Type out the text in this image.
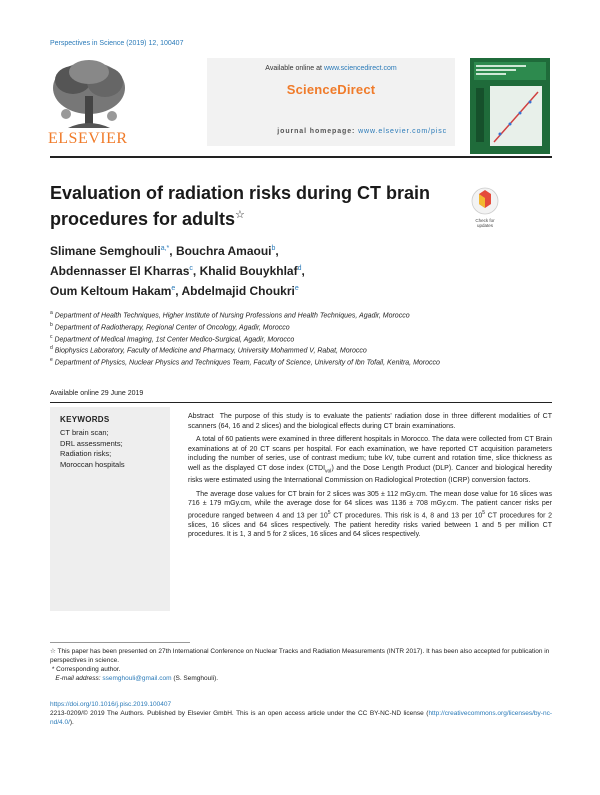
Perspectives in Science (2019) 12, 100407
ELSEVIER
Available online at www.sciencedirect.com
ScienceDirect
journal homepage: www.elsevier.com/pisc
Evaluation of radiation risks during CT brain
procedures for adults☆	Check for
updates
Slimane Semghouli$^{a,*}$, Bouchra Amaoui$^b$,
Abdennasser El Kharras$^c$, Khalid Bouykhlaf$^d$,
Oum Keltoum Hakam$^e$, Abdelmajid Choukri$^e$
$^a$ Department of Health Techniques, Higher Institute of Nursing Professions and Health Techniques, Agadir, Morocco
$^b$ Department of Radiotherapy, Regional Center of Oncology, Agadir, Morocco
$^c$ Department of Medical Imaging, 1st Center Medico-Surgical, Agadir, Morocco
$^d$ Biophysics Laboratory, Faculty of Medicine and Pharmacy, University Mohammed V, Rabat, Morocco
$^e$ Department of Physics, Nuclear Physics and Techniques Team, Faculty of Science, University of Ibn Tofail, Kenitra, Morocco
Available online 29 June 2019
KEYWORDS
CT brain scan;
DRL assessments;
Radiation risks;
Moroccan hospitals

Abstract The purpose of this study is to evaluate the patients' radiation dose in three different modalities of CT scanners (64, 16 and 2 slices) and the biological effects during CT brain examinations.

A total of 60 patients were examined in three different hospitals in Morocco. The data were collected from CT Brain examinations at of 20 CT scans per hospital. For each examination, we have reported CT acquisition parameters including the number of series, use of contrast medium; tube kV, tube current and rotation time, slice thickness as well as the displayed CT dose index $(CTDI_{vol})$ and the Dose Length Product (DLP). Cancer and biological heredity risks were estimated using the International Commission on Radiological Protection (ICRP) conversion factors.

The average dose values for CT brain for 2 slices was 305 ± 112 mGy.cm. The mean dose value for 16 slices was 716 ± 179 mGy.cm, while the average dose for 64 slices was 1136 ± 708 mGy.cm. The patient cancer risks per procedure ranged between 4 and 13 per $10^5$ CT procedures. This risk is 4, 8 and 13 per $10^5$ CT procedures for 2 slices, 16 slices and 64 slices respectively. The patient heredity risks varied between 1 and 5 per million CT procedures. It is 1, 3 and 5 for 2 slices, 16 slices and 64 slices respectively.

☆ This paper has been presented on 27th International Conference on Nuclear Tracks and Radiation Measurements (INTR 2017). It has been also accepted for publication in perspectives in science.
* Corresponding author.
E-mail address: ssemghouli@gmail.com (S. Semghouli).
https://doi.org/10.1016/j.pisc.2019.100407
2213-0209/© 2019 The Authors. Published by Elsevier GmbH. This is an open access article under the CC BY-NC-ND license (http://creativecommons.org/licenses/by-nc-nd/4.0/).
